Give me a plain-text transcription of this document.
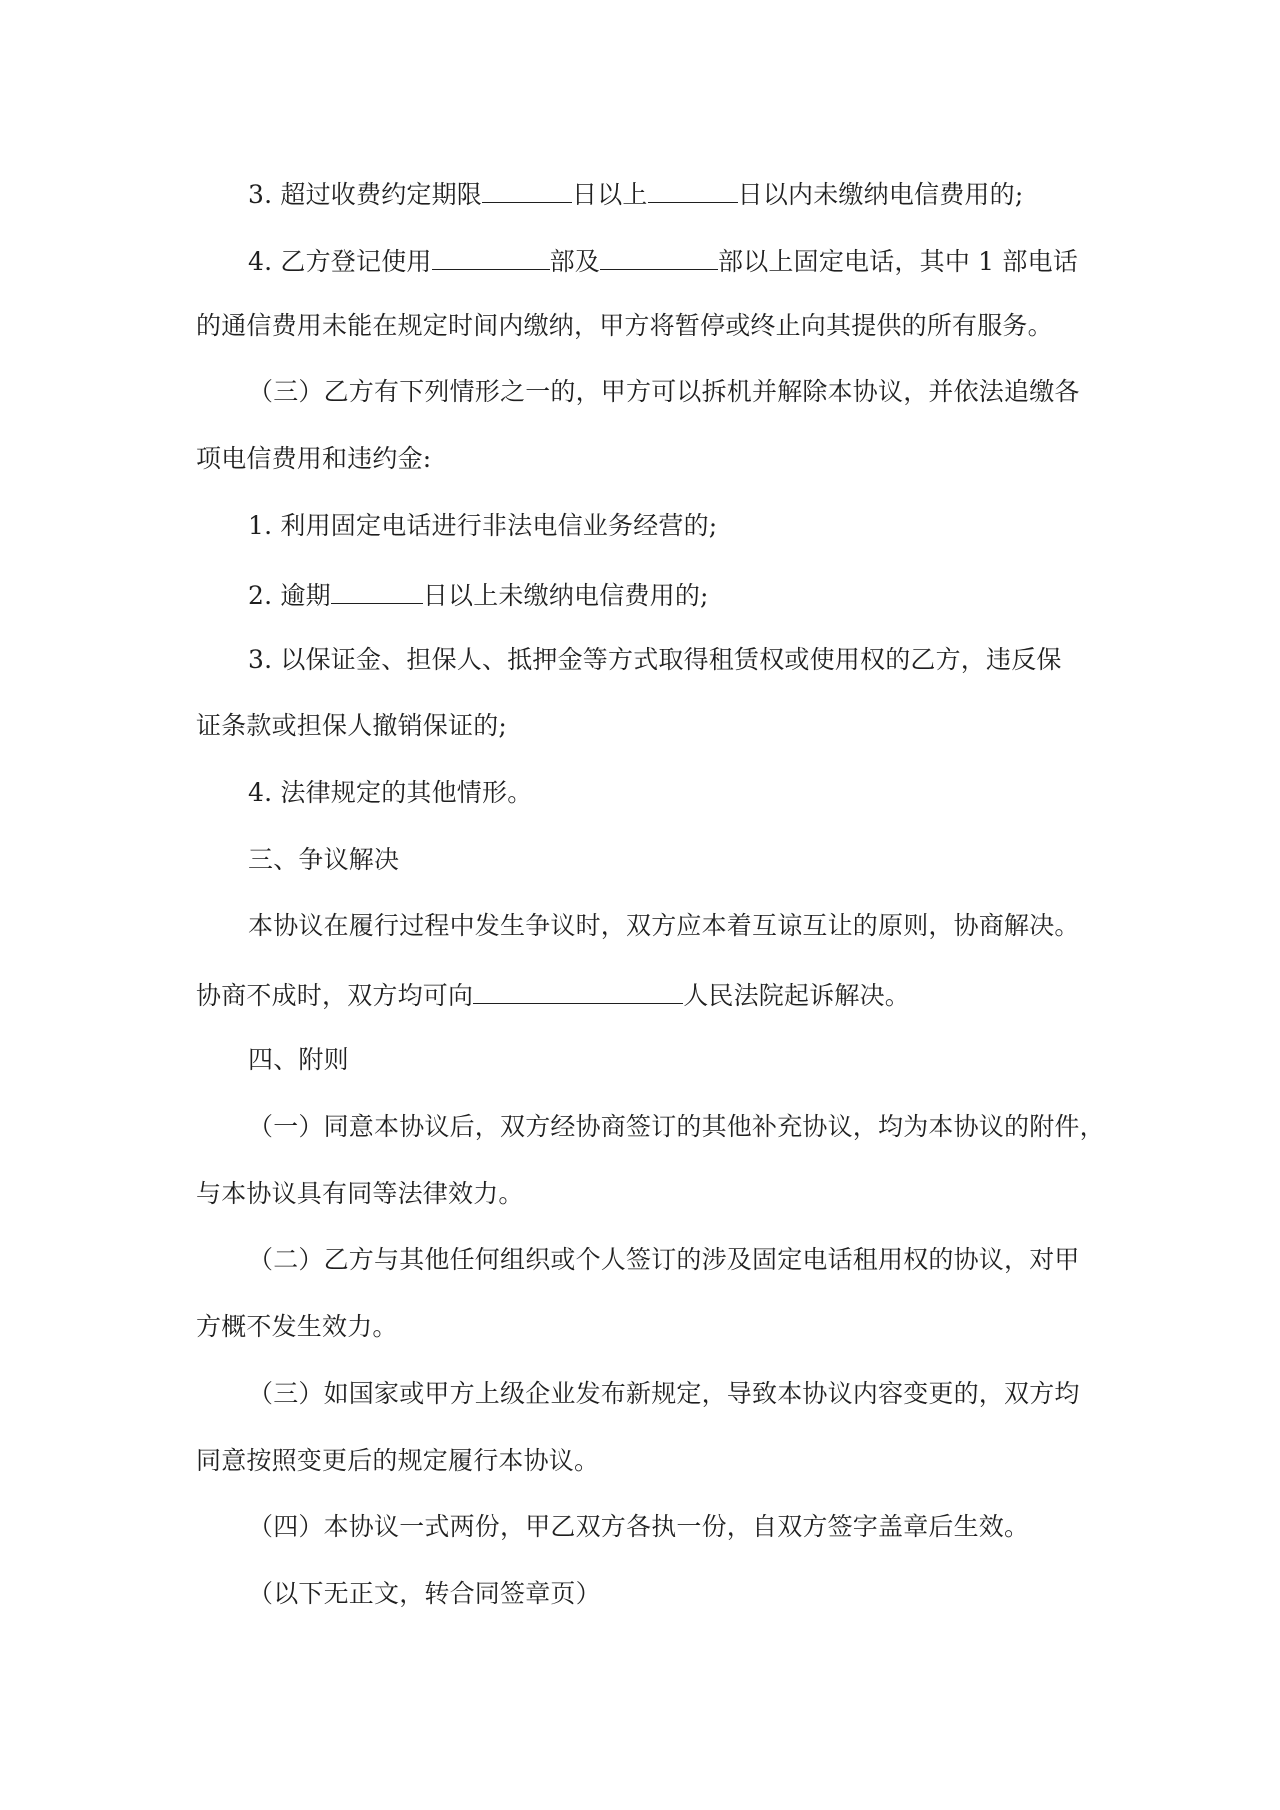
3. 超过收费约定期限	日以上	日以内未缴纳电信费用的;
4. 乙方登记使用	部及	部以上固定电话，其中 1 部电话
的通信费用未能在规定时间内缴纳，甲方将暂停或终止向其提供的所有服务。
（三）乙方有下列情形之一的，甲方可以拆机并解除本协议，并依法追缴各
项电信费用和违约金:
1. 利用固定电话进行非法电信业务经营的;
2. 逾期	日以上未缴纳电信费用的;
3. 以保证金、担保人、抵押金等方式取得租赁权或使用权的乙方，违反保
证条款或担保人撤销保证的;
4. 法律规定的其他情形。
三、争议解决
本协议在履行过程中发生争议时，双方应本着互谅互让的原则，协商解决。
协商不成时，双方均可向	人民法院起诉解决。
四、附则
（一）同意本协议后，双方经协商签订的其他补充协议，均为本协议的附件，
与本协议具有同等法律效力。
（二）乙方与其他任何组织或个人签订的涉及固定电话租用权的协议，对甲
方概不发生效力。
（三）如国家或甲方上级企业发布新规定，导致本协议内容变更的，双方均
同意按照变更后的规定履行本协议。
（四）本协议一式两份，甲乙双方各执一份，自双方签字盖章后生效。
（以下无正文，转合同签章页）
